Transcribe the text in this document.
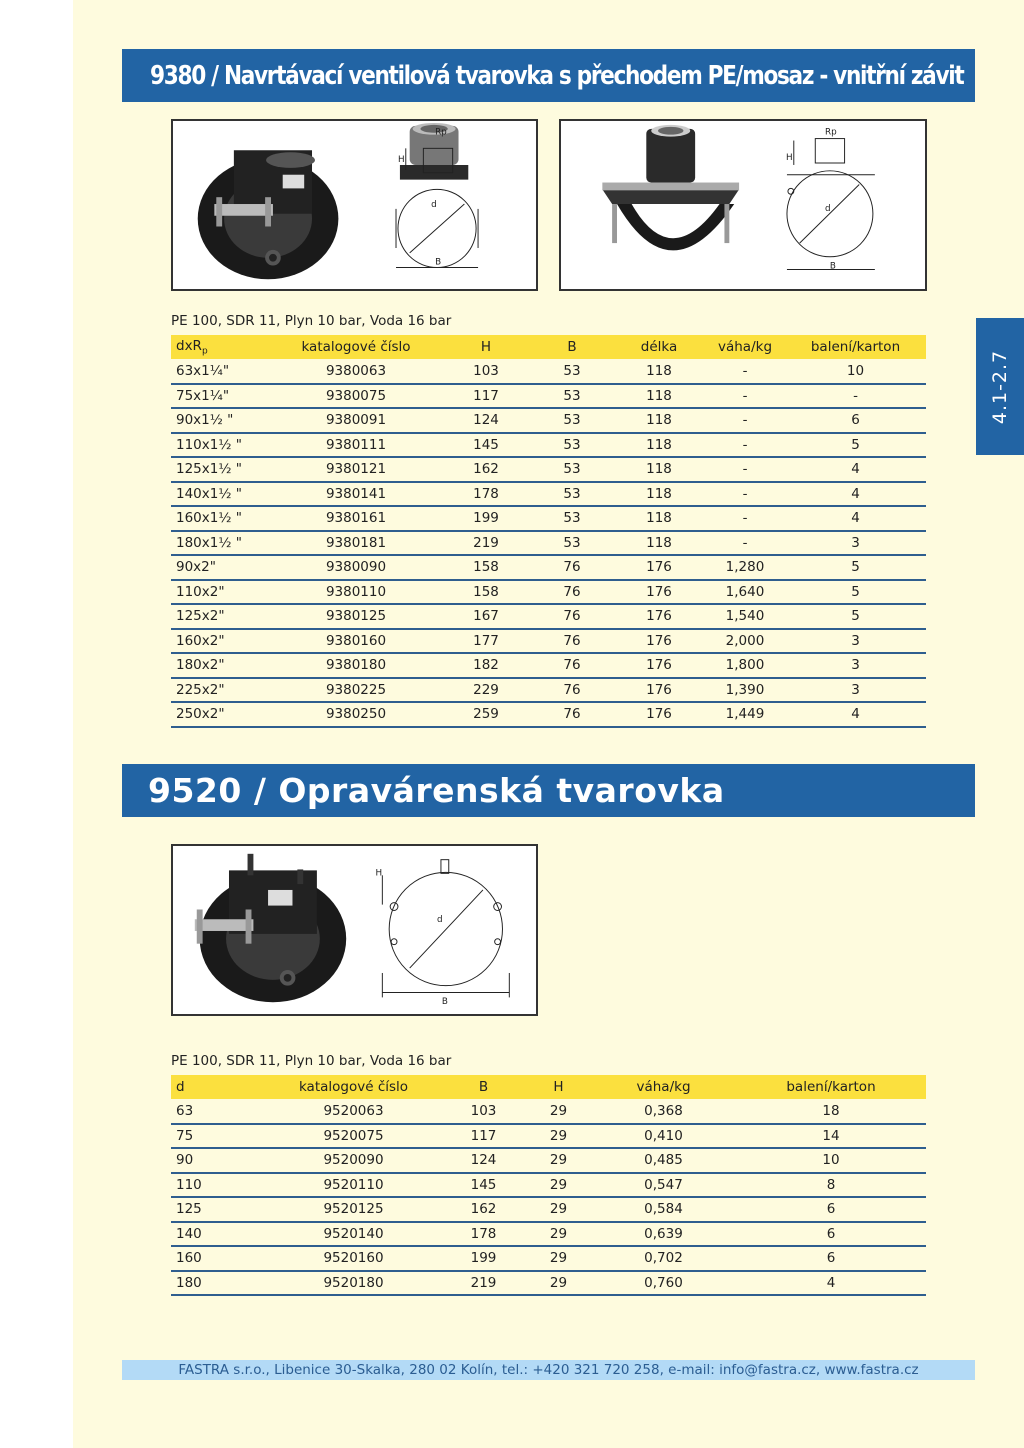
9380 / Navrtávací ventilová tvarovka s přechodem PE/mosaz - vnitřní závit
4.1-2.7
Rp
H
d
B
Rp
H
d
B
PE 100, SDR 11, Plyn 10 bar, Voda 16 bar
dxR$_p$	katalogové číslo	H	B	délka	váha/kg	balení/karton
63x1¼"	9380063	103	53	118	-	10
75x1¼"	9380075	117	53	118	-	-
90x1½ "	9380091	124	53	118	-	6
110x1½ "	9380111	145	53	118	-	5
125x1½ "	9380121	162	53	118	-	4
140x1½ "	9380141	178	53	118	-	4
160x1½ "	9380161	199	53	118	-	4
180x1½ "	9380181	219	53	118	-	3
90x2"	9380090	158	76	176	1,280	5
110x2"	9380110	158	76	176	1,640	5
125x2"	9380125	167	76	176	1,540	5
160x2"	9380160	177	76	176	2,000	3
180x2"	9380180	182	76	176	1,800	3
225x2"	9380225	229	76	176	1,390	3
250x2"	9380250	259	76	176	1,449	4
9520 / Opravárenská tvarovka
H
d
B
PE 100, SDR 11, Plyn 10 bar, Voda 16 bar
d	katalogové číslo	B	H	váha/kg	balení/karton
63	9520063	103	29	0,368	18
75	9520075	117	29	0,410	14
90	9520090	124	29	0,485	10
110	9520110	145	29	0,547	8
125	9520125	162	29	0,584	6
140	9520140	178	29	0,639	6
160	9520160	199	29	0,702	6
180	9520180	219	29	0,760	4
FASTRA s.r.o., Libenice 30-Skalka, 280 02 Kolín, tel.: +420 321 720 258, e-mail: info@fastra.cz, www.fastra.cz
